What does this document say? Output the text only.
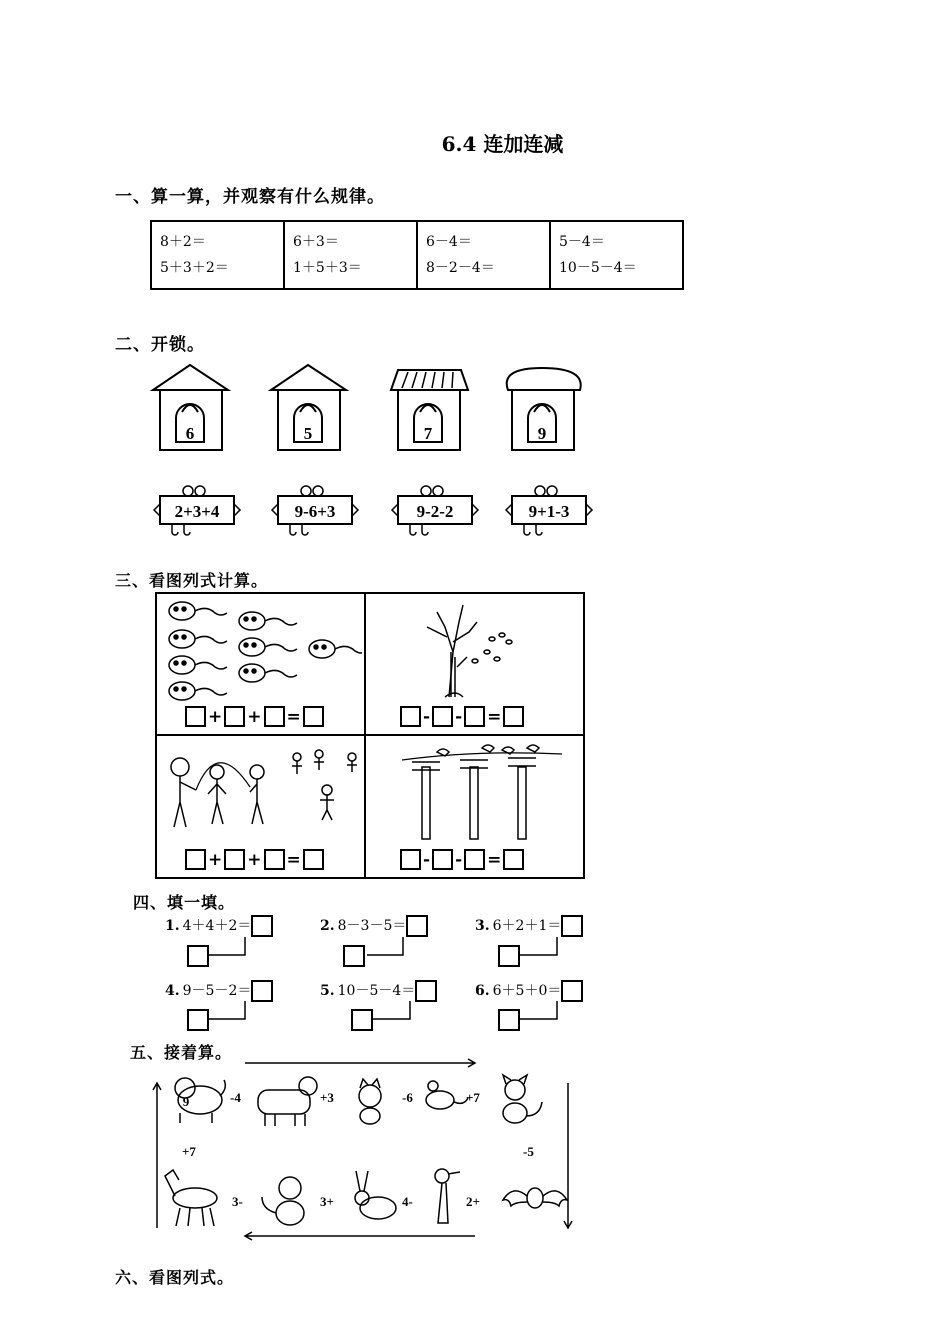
6.4 连加连减
一、算一算，并观察有什么规律。
8＋2＝
5＋3＋2＝

6＋3＝
1＋5＋3＝

6－4＝
8－2－4＝

5－4＝
10－5－4＝
二、开锁。
6	5	7	9
2+3+4	9-6+3	9-2-2	9+1-3
三、看图列式计算。
+ + =	- - =
+ + =	- - =
四、填一填。
1. 4＋4＋2＝	2. 8－3－5＝	3. 6＋2＋1＝
4. 9－5－2＝	5. 10－5－4＝	6. 6＋5＋0＝
五、接着算。
9	-4	+3	-6	+7
+7	-5
2+
4-
3+
3-
六、看图列式。
